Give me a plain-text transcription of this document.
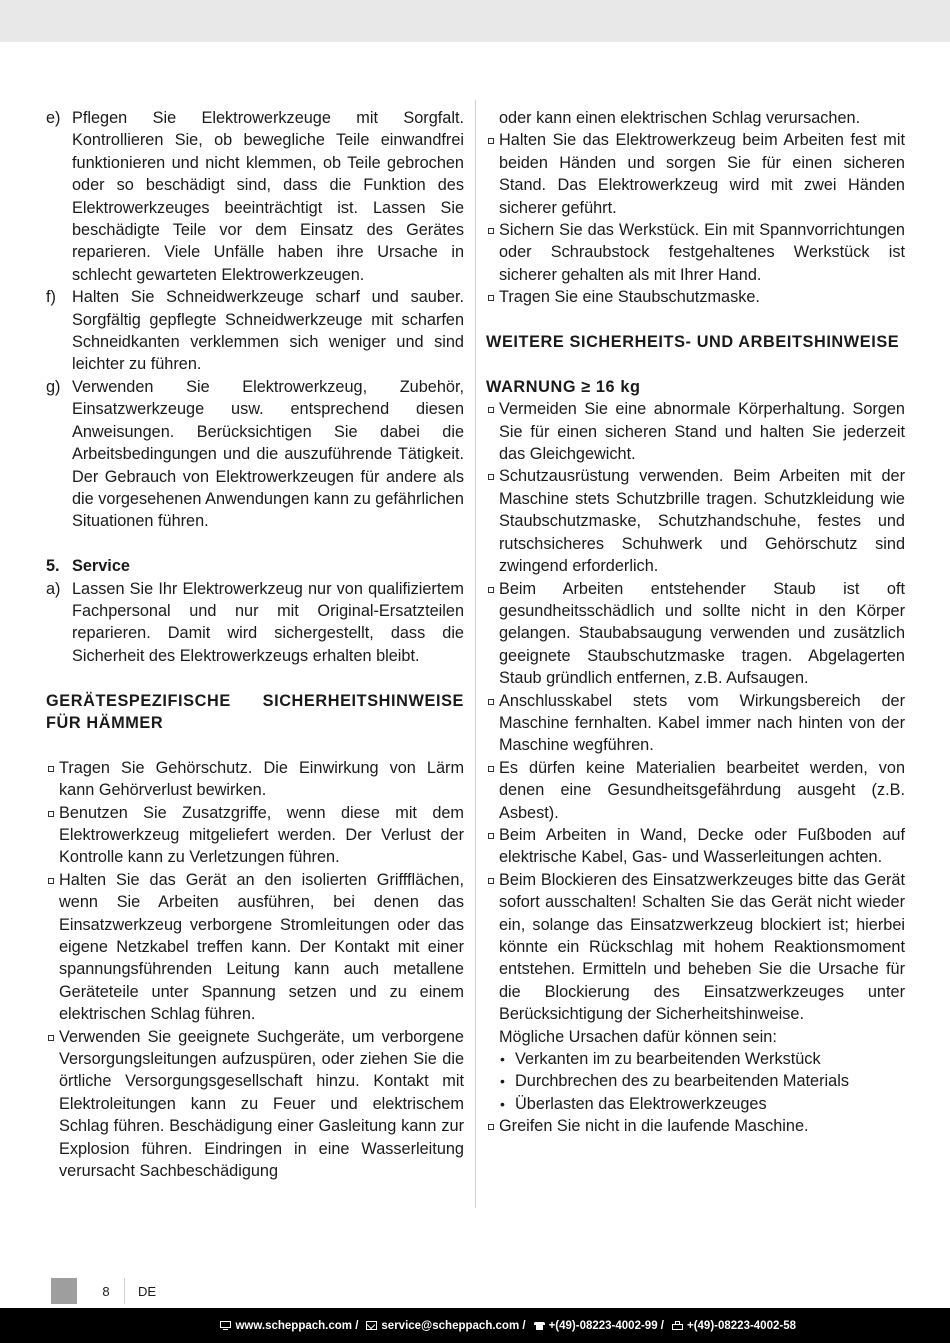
e) Pflegen Sie Elektrowerkzeuge mit Sorgfalt. Kontrollieren Sie, ob bewegliche Teile einwandfrei funktionieren und nicht klemmen, ob Teile gebrochen oder so beschädigt sind, dass die Funktion des Elektrowerkzeuges beeinträchtigt ist. Lassen Sie beschädigte Teile vor dem Einsatz des Gerätes reparieren. Viele Unfälle haben ihre Ursache in schlecht gewarteten Elektrowerkzeugen.
f) Halten Sie Schneidwerkzeuge scharf und sauber. Sorgfältig gepflegte Schneidwerkzeuge mit scharfen Schneidkanten verklemmen sich weniger und sind leichter zu führen.
g) Verwenden Sie Elektrowerkzeug, Zubehör, Einsatzwerkzeuge usw. entsprechend diesen Anweisungen. Berücksichtigen Sie dabei die Arbeitsbedingungen und die auszuführende Tätigkeit. Der Gebrauch von Elektrowerkzeugen für andere als die vorgesehenen Anwendungen kann zu gefährlichen Situationen führen.
5. Service
a) Lassen Sie Ihr Elektrowerkzeug nur von qualifiziertem Fachpersonal und nur mit Original-Ersatzteilen reparieren. Damit wird sichergestellt, dass die Sicherheit des Elektrowerkzeugs erhalten bleibt.

GERÄTESPEZIFISCHE SICHERHEITSHINWEISE FÜR HÄMMER

Tragen Sie Gehörschutz. Die Einwirkung von Lärm kann Gehörverlust bewirken.
Benutzen Sie Zusatzgriffe, wenn diese mit dem Elektrowerkzeug mitgeliefert werden. Der Verlust der Kontrolle kann zu Verletzungen führen.
Halten Sie das Gerät an den isolierten Griffflächen, wenn Sie Arbeiten ausführen, bei denen das Einsatzwerkzeug verborgene Stromleitungen oder das eigene Netzkabel treffen kann. Der Kontakt mit einer spannungsführenden Leitung kann auch metallene Geräteteile unter Spannung setzen und zu einem elektrischen Schlag führen.
Verwenden Sie geeignete Suchgeräte, um verborgene Versorgungsleitungen aufzuspüren, oder ziehen Sie die örtliche Versorgungsgesellschaft hinzu. Kontakt mit Elektroleitungen kann zu Feuer und elektrischem Schlag führen. Beschädigung einer Gasleitung kann zur Explosion führen. Eindringen in eine Wasserleitung verursacht Sachbeschädigung
oder kann einen elektrischen Schlag verursachen.
Halten Sie das Elektrowerkzeug beim Arbeiten fest mit beiden Händen und sorgen Sie für einen sicheren Stand. Das Elektrowerkzeug wird mit zwei Händen sicherer geführt.
Sichern Sie das Werkstück. Ein mit Spannvorrichtungen oder Schraubstock festgehaltenes Werkstück ist sicherer gehalten als mit Ihrer Hand.
Tragen Sie eine Staubschutzmaske.

WEITERE SICHERHEITS- UND ARBEITSHINWEISE

WARNUNG ≥ 16 kg

Vermeiden Sie eine abnormale Körperhaltung. Sorgen Sie für einen sicheren Stand und halten Sie jederzeit das Gleichgewicht.
Schutzausrüstung verwenden. Beim Arbeiten mit der Maschine stets Schutzbrille tragen. Schutzkleidung wie Staubschutzmaske, Schutzhandschuhe, festes und rutschsicheres Schuhwerk und Gehörschutz sind zwingend erforderlich.
Beim Arbeiten entstehender Staub ist oft gesundheitsschädlich und sollte nicht in den Körper gelangen. Staubabsaugung verwenden und zusätzlich geeignete Staubschutzmaske tragen. Abgelagerten Staub gründlich entfernen, z.B. Aufsaugen.
Anschlusskabel stets vom Wirkungsbereich der Maschine fernhalten. Kabel immer nach hinten von der Maschine wegführen.
Es dürfen keine Materialien bearbeitet werden, von denen eine Gesundheitsgefährdung ausgeht (z.B. Asbest).
Beim Arbeiten in Wand, Decke oder Fußboden auf elektrische Kabel, Gas- und Wasserleitungen achten.
Beim Blockieren des Einsatzwerkzeuges bitte das Gerät sofort ausschalten! Schalten Sie das Gerät nicht wieder ein, solange das Einsatzwerkzeug blockiert ist; hierbei könnte ein Rückschlag mit hohem Reaktionsmoment entstehen. Ermitteln und beheben Sie die Ursache für die Blockierung des Einsatzwerkzeuges unter Berücksichtigung der Sicherheitshinweise.
Mögliche Ursachen dafür können sein:
• Verkanten im zu bearbeitenden Werkstück
• Durchbrechen des zu bearbeitenden Materials
• Überlasten das Elektrowerkzeuges
Greifen Sie nicht in die laufende Maschine.
8	DE
www.scheppach.com / service@scheppach.com / +(49)-08223-4002-99 / +(49)-08223-4002-58
